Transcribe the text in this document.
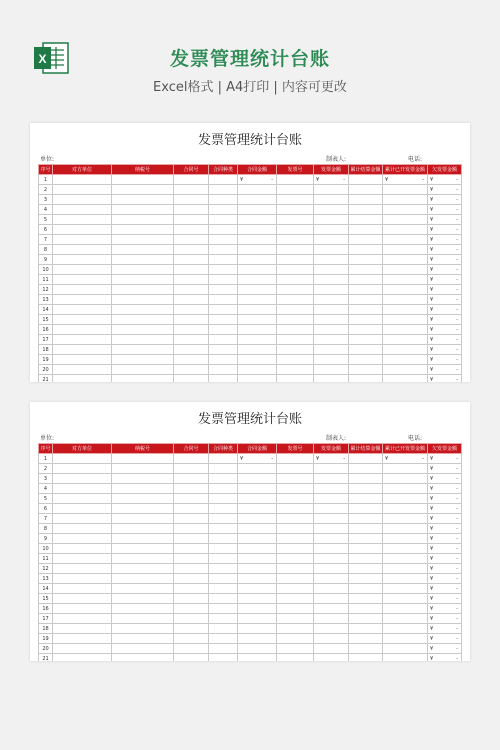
X	发票管理统计台账
Excel格式 | A4打印 | 内容可更改
发票管理统计台账
单位:	制表人:	电话:
序号	对方单位	纳税号	合同号	合同种类	合同金额	发票号	发票金额	累计结算金额	累计已开发票金额	欠发票金额
1					¥ -		¥ -		¥ -	¥ -

2										¥ -

3										¥ -

4										¥ -

5										¥ -

6										¥ -

7										¥ -

8										¥ -

9										¥ -

10										¥ -

11										¥ -

12										¥ -

13										¥ -

14										¥ -

15										¥ -

16										¥ -

17										¥ -

18										¥ -

19										¥ -

20										¥ -

21										¥ -
发票管理统计台账
单位:	制表人:	电话:
序号	对方单位	纳税号	合同号	合同种类	合同金额	发票号	发票金额	累计结算金额	累计已开发票金额	欠发票金额
1					¥ -		¥ -		¥ -	¥ -

2										¥ -

3										¥ -

4										¥ -

5										¥ -

6										¥ -

7										¥ -

8										¥ -

9										¥ -

10										¥ -

11										¥ -

12										¥ -

13										¥ -

14										¥ -

15										¥ -

16										¥ -

17										¥ -

18										¥ -

19										¥ -

20										¥ -

21										¥ -
